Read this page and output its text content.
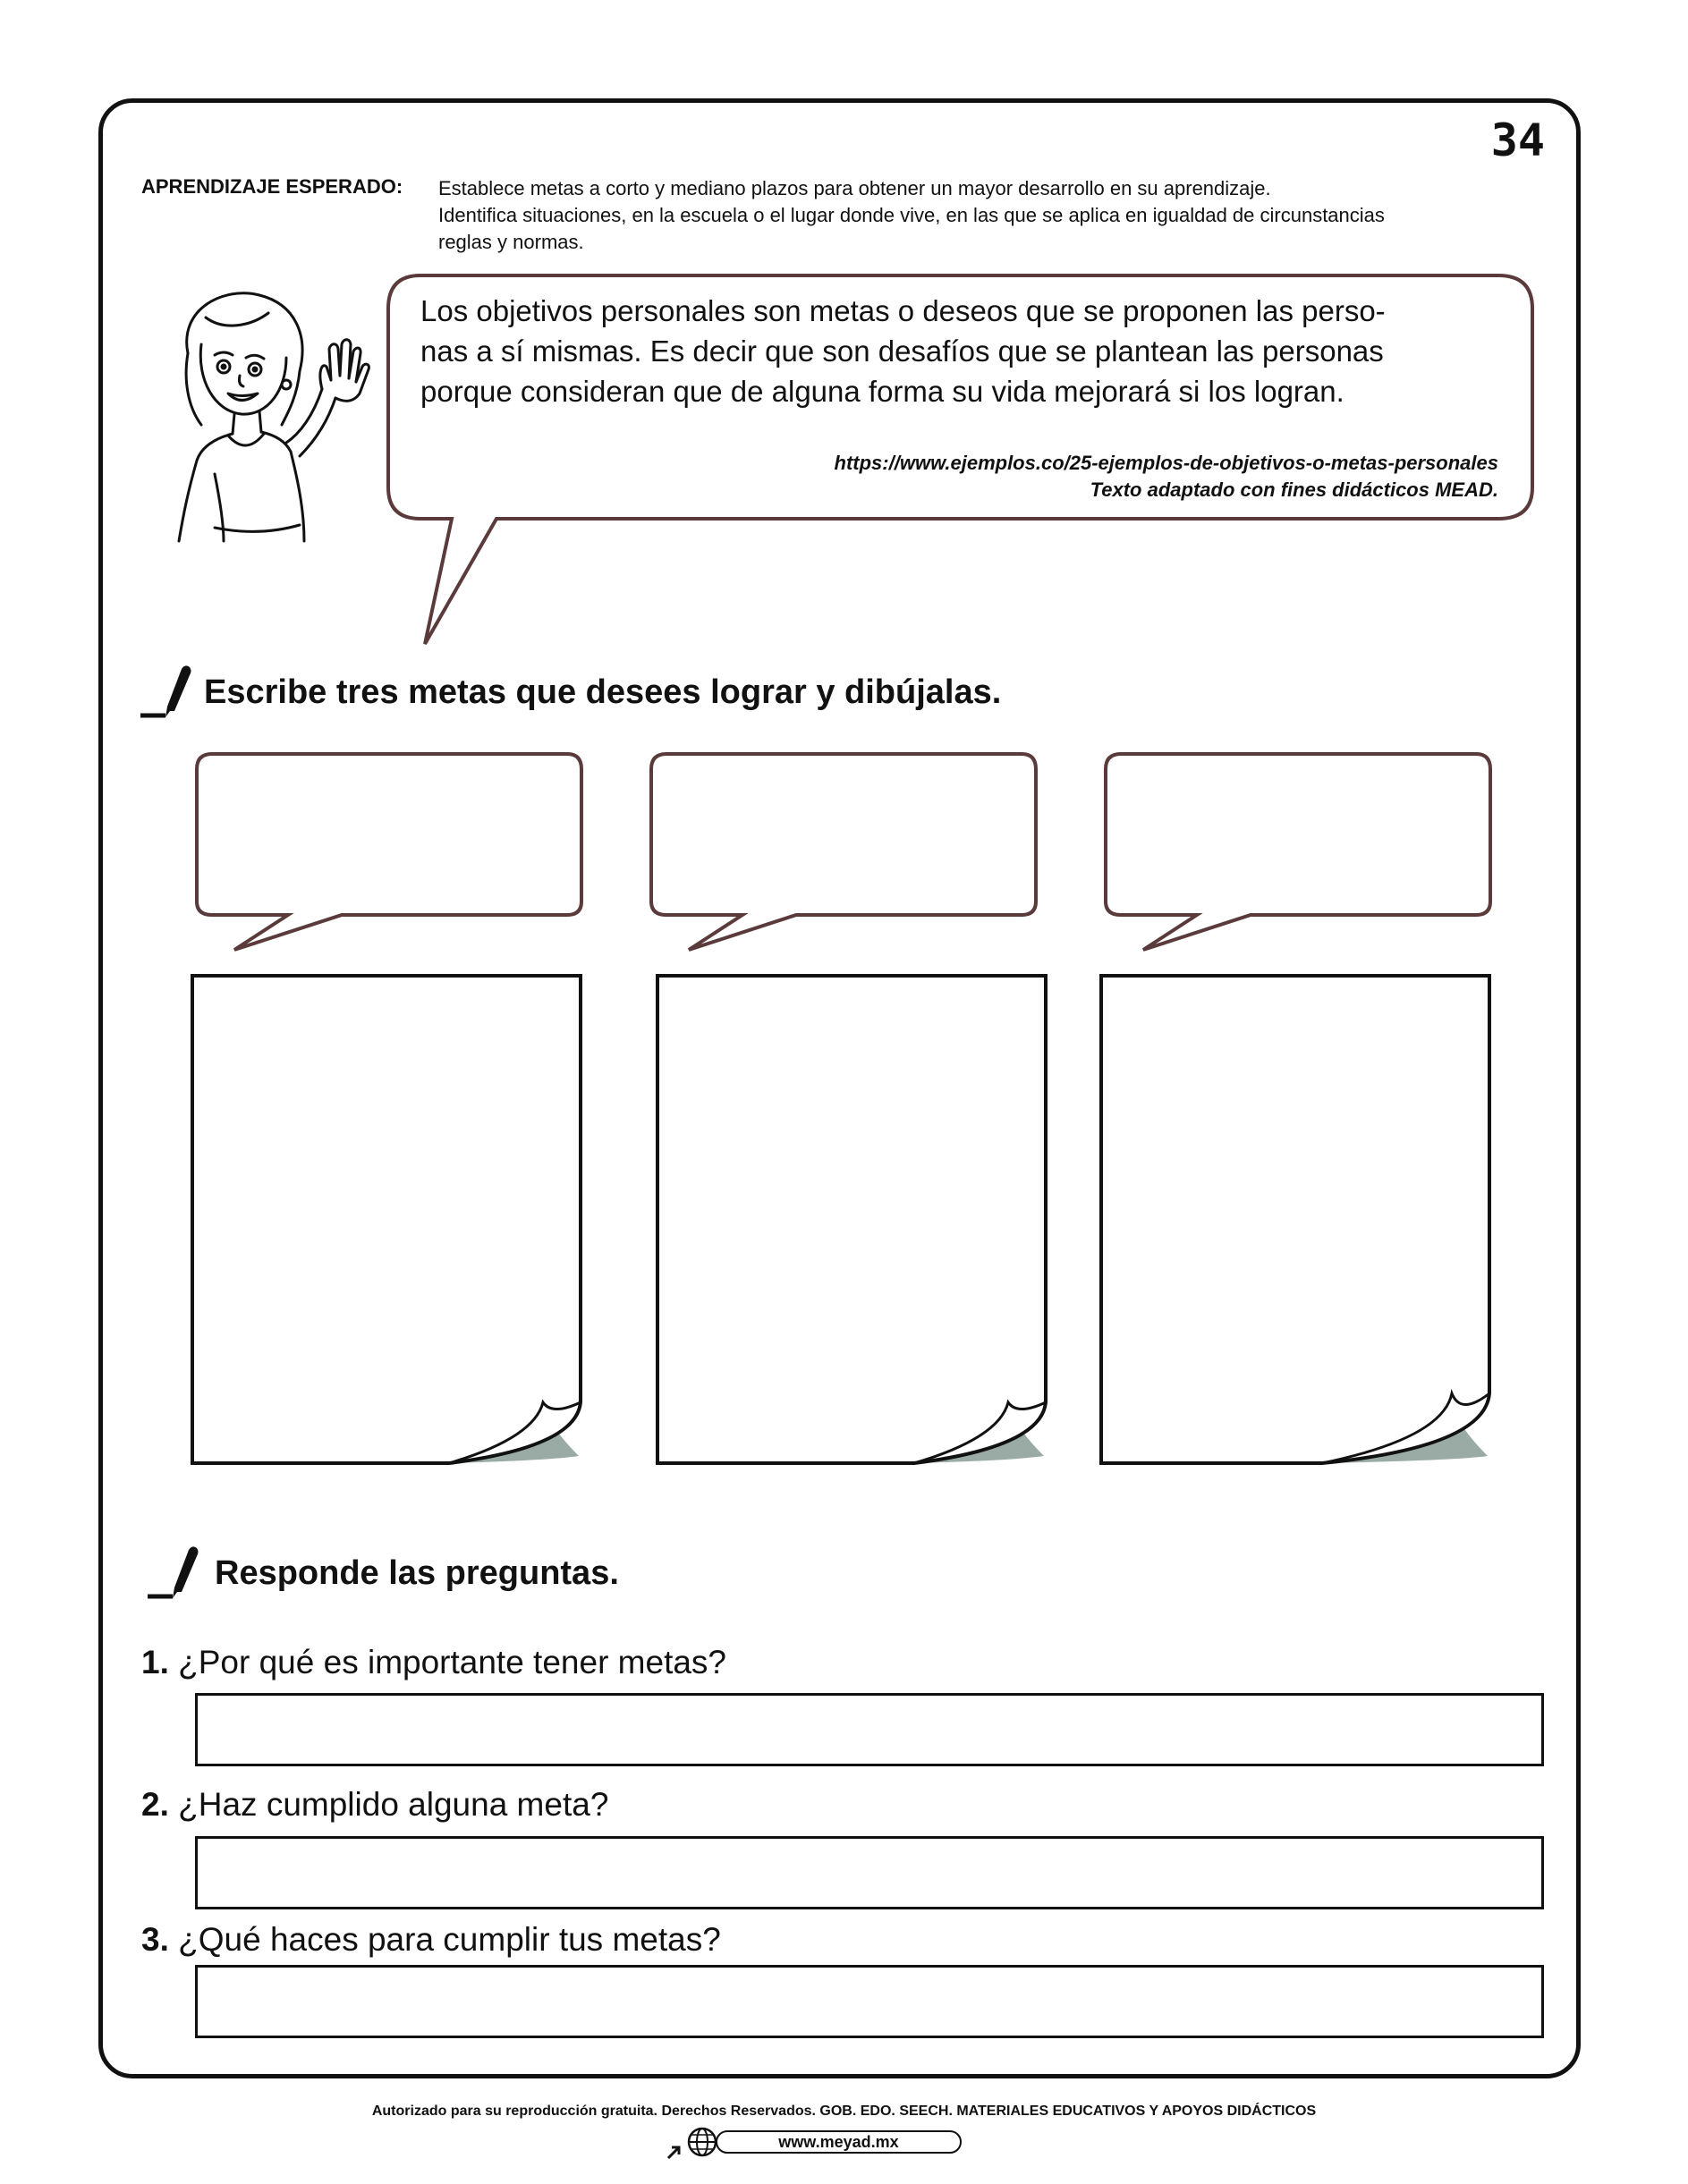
34
APRENDIZAJE ESPERADO: Establece metas a corto y mediano plazos para obtener un mayor desarrollo en su aprendizaje.
Identifica situaciones, en la escuela o el lugar donde vive, en las que se aplica en igualdad de circunstancias
reglas y normas.
Los objetivos personales son metas o deseos que se proponen las perso-
nas a sí mismas. Es decir que son desafíos que se plantean las personas
porque consideran que de alguna forma su vida mejorará si los logran.
https://www.ejemplos.co/25-ejemplos-de-objetivos-o-metas-personales
Texto adaptado con fines didácticos MEAD.
Escribe tres metas que desees lograr y dibújalas.
Responde las preguntas.
1. ¿Por qué es importante tener metas?
2. ¿Haz cumplido alguna meta?
3. ¿Qué haces para cumplir tus metas?
Autorizado para su reproducción gratuita. Derechos Reservados. GOB. EDO. SEECH. MATERIALES EDUCATIVOS Y APOYOS DIDÁCTICOS
www.meyad.mx
